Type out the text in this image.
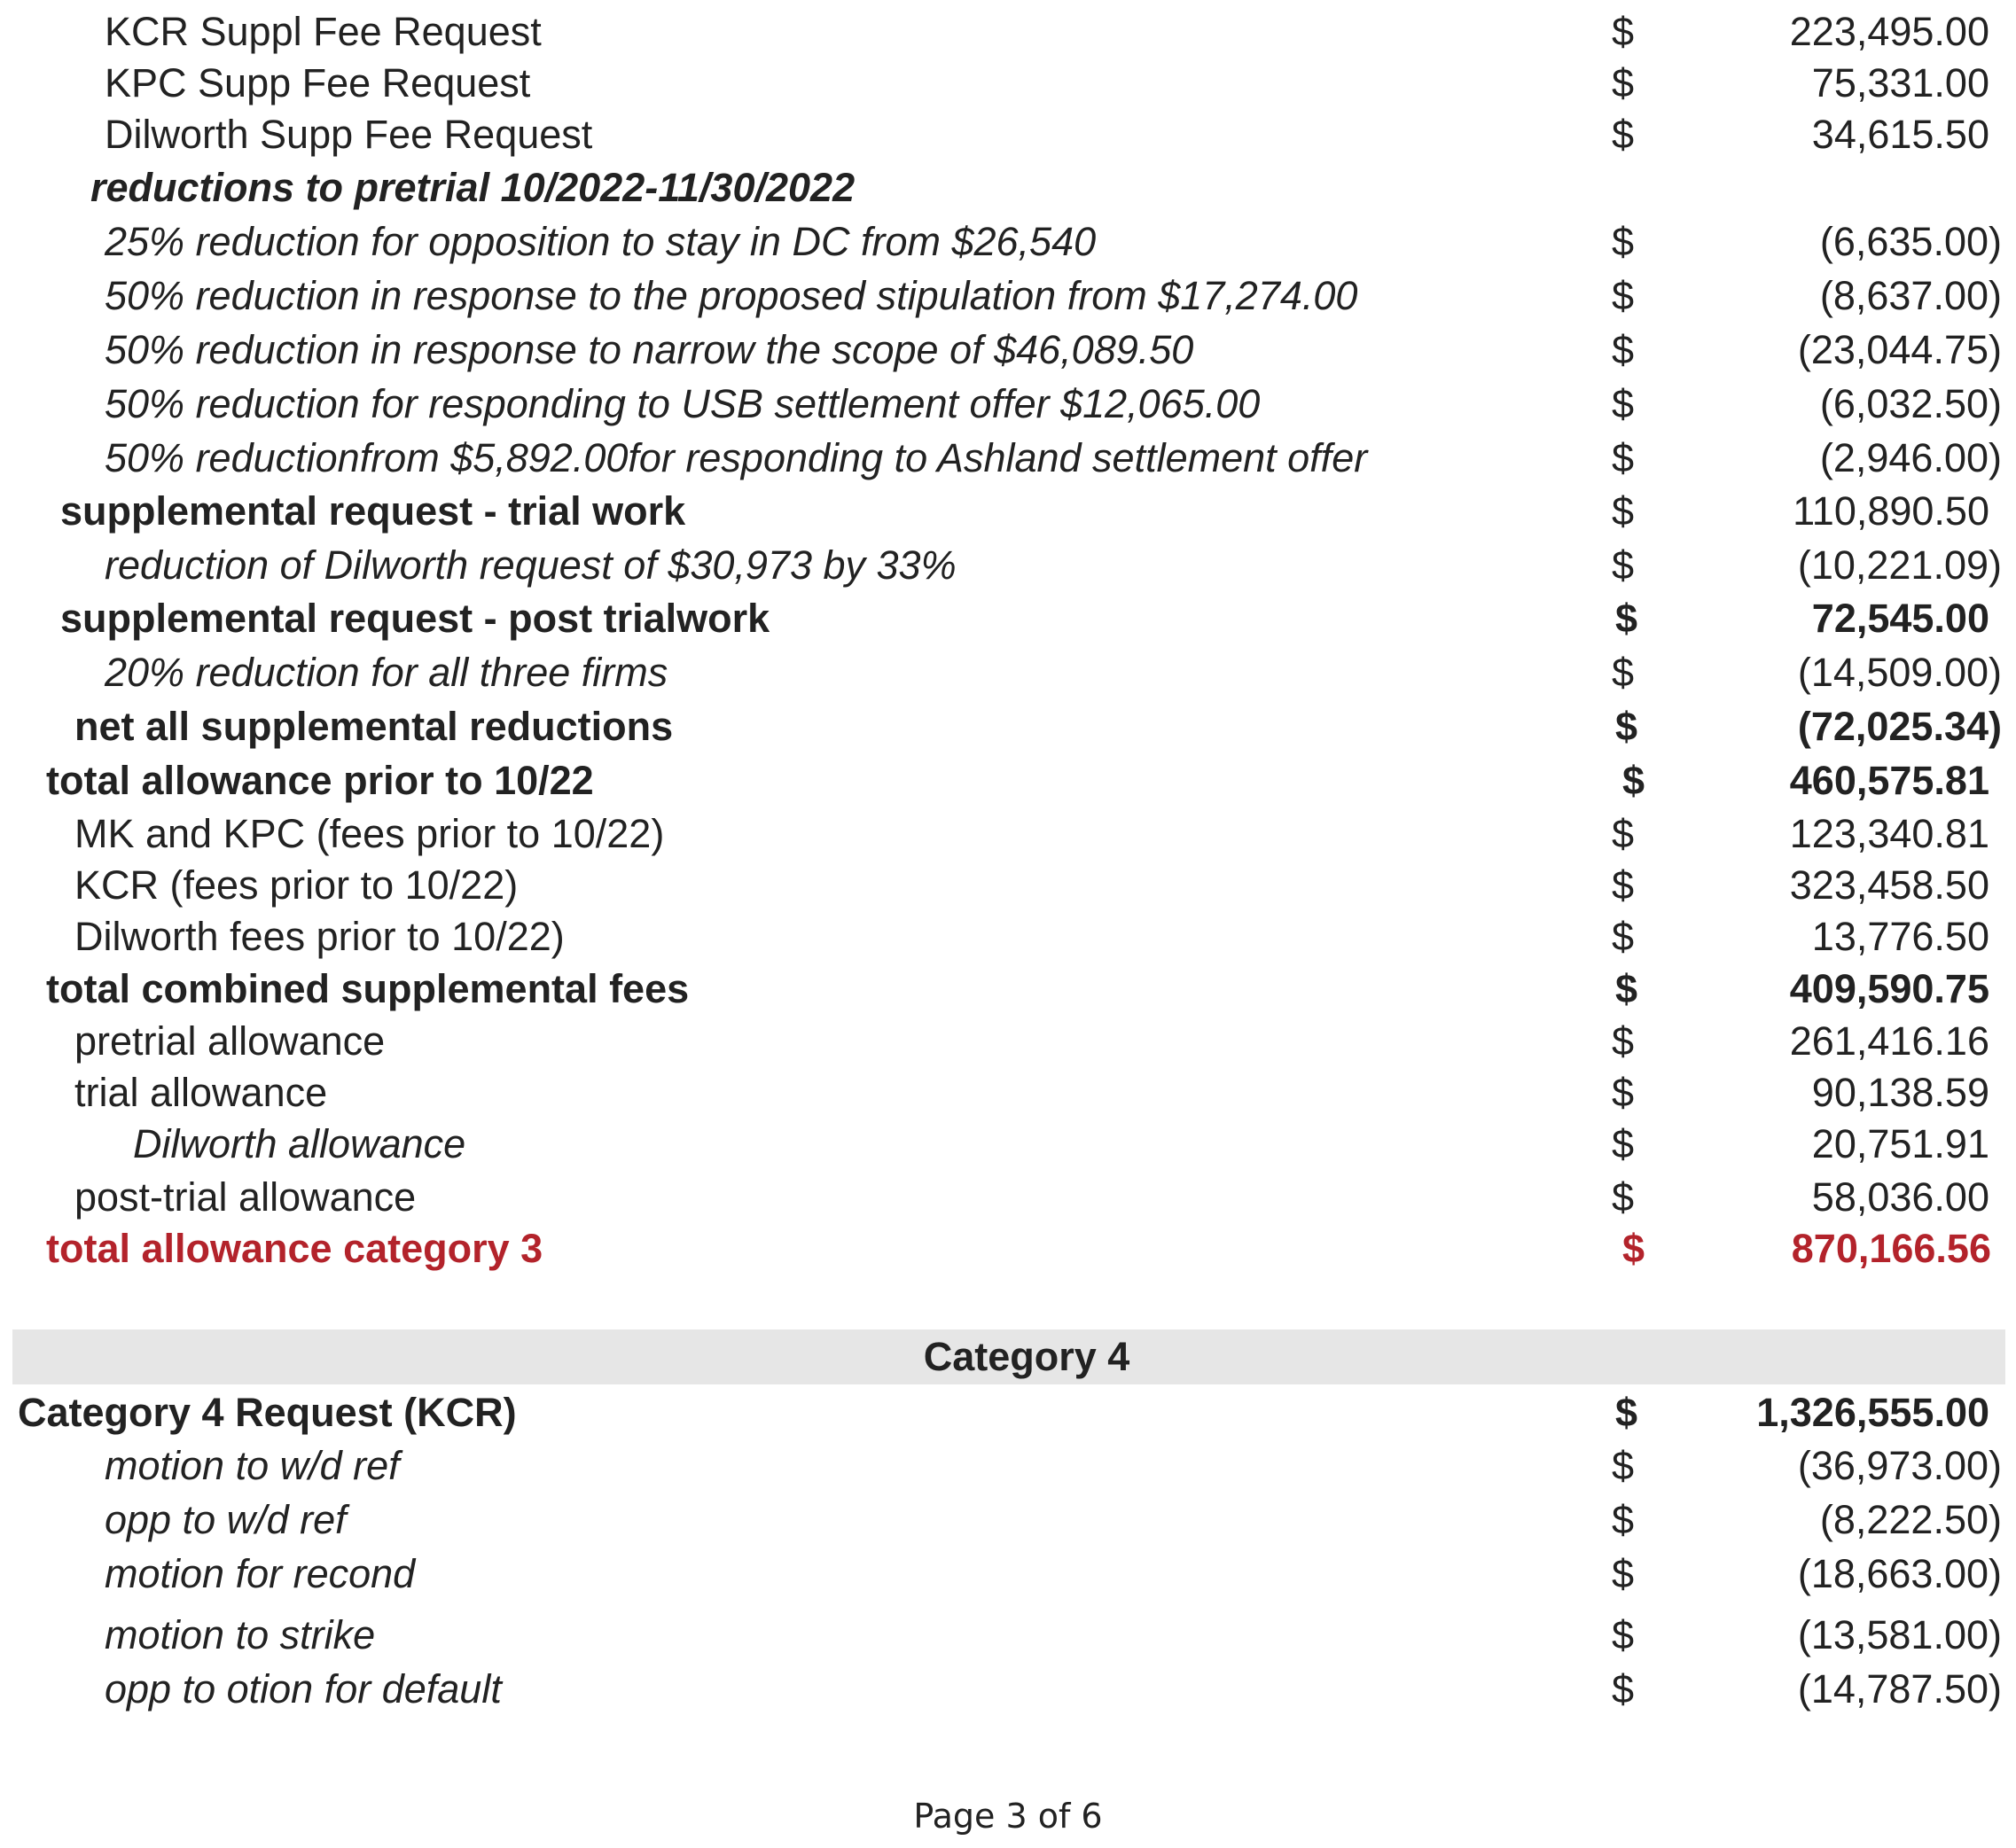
KCR Suppl Fee Request	$	223,495.00
KPC Supp Fee Request	$	75,331.00
Dilworth Supp Fee Request	$	34,615.50
reductions to pretrial 10/2022-11/30/2022
25% reduction for opposition to stay in DC from $26,540	$	(6,635.00)
50% reduction in response to the proposed stipulation from $17,274.00	$	(8,637.00)
50% reduction in response to narrow the scope of $46,089.50	$	(23,044.75)
50% reduction for responding to USB settlement offer $12,065.00	$	(6,032.50)
50% reductionfrom $5,892.00for responding to Ashland settlement offer	$	(2,946.00)
supplemental request - trial work	$	110,890.50
reduction of Dilworth request of $30,973 by 33%	$	(10,221.09)
supplemental request - post trialwork	$	72,545.00
20% reduction for all three firms	$	(14,509.00)
net all supplemental reductions	$	(72,025.34)
total allowance prior to 10/22	$	460,575.81
MK and KPC (fees prior to 10/22)	$	123,340.81
KCR (fees prior to 10/22)	$	323,458.50
Dilworth fees prior to 10/22)	$	13,776.50
total combined supplemental fees	$	409,590.75
pretrial allowance	$	261,416.16
trial allowance	$	90,138.59
Dilworth allowance	$	20,751.91
post-trial allowance	$	58,036.00
total allowance category 3	$	870,166.56
Category 4
Category 4 Request (KCR)	$	1,326,555.00
motion to w/d ref	$	(36,973.00)
opp to w/d ref	$	(8,222.50)
motion for recond	$	(18,663.00)
motion to strike	$	(13,581.00)
opp to otion for default	$	(14,787.50)
Page 3 of 6
